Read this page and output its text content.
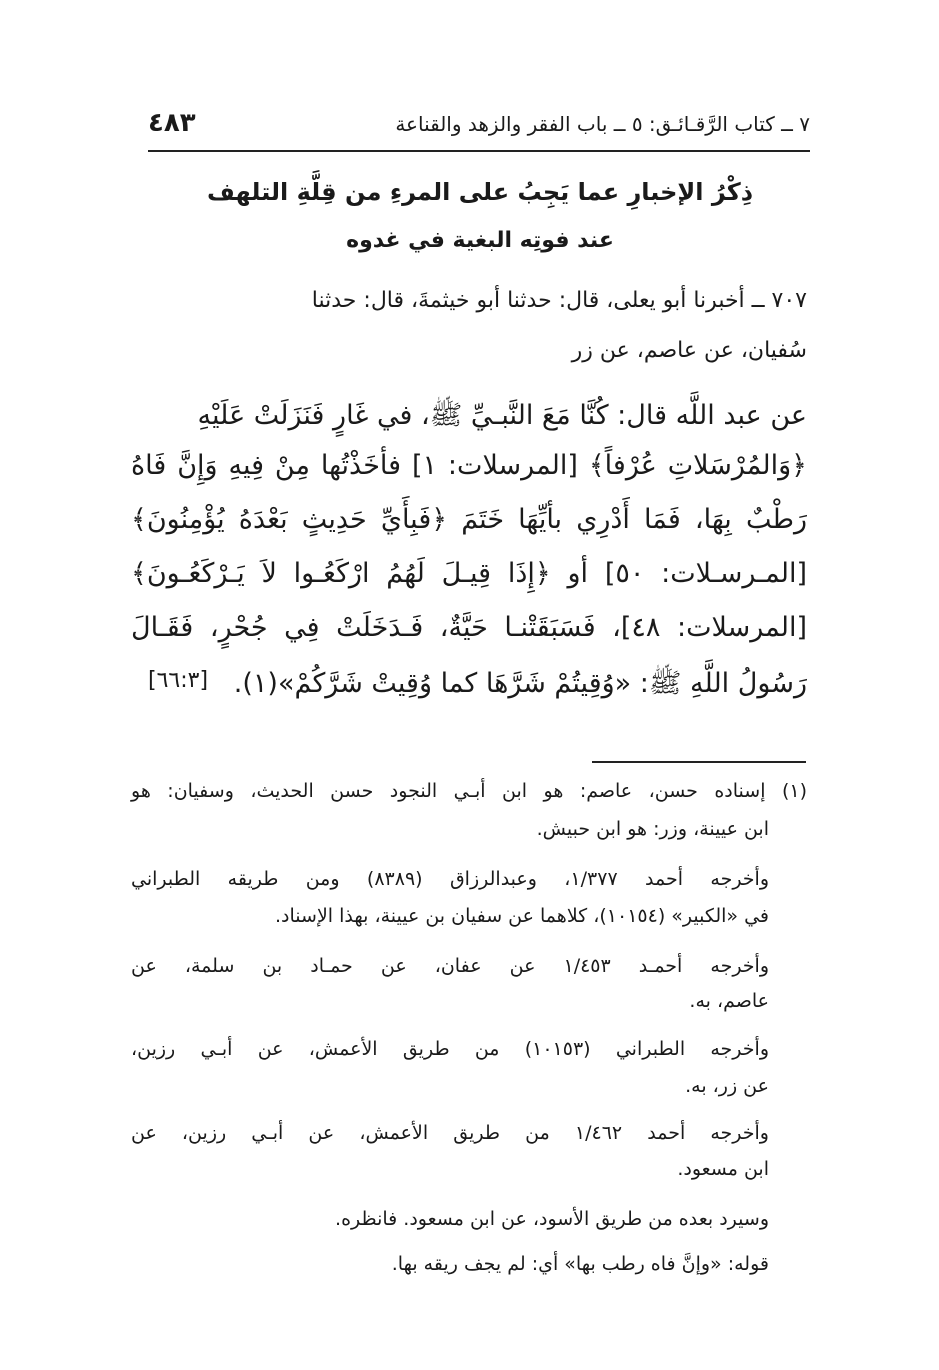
٧ ــ كتاب الرَّقـائـق: ٥ ــ باب الفقر والزهد والقناعة
٤٨٣
ذِكْرُ الإخبارِ عما يَجِبُ على المرءِ من قِلَّةِ التلهف
عند فوتِه البغية في غدوه
٧٠٧ ــ أخبرنا أبو يعلى، قال: حدثنا أبو خيثمةَ، قال: حدثنا
سُفيان، عن عاصم، عن زر
عن عبد اللَّه قال: كُنَّا مَعَ النَّبـيِّ ﷺ، في غَارٍ فَنَزَلَتْ عَلَيْهِ
﴿وَالمُرْسَلاتِ عُرْفاً﴾ [المرسلات: ١] فأخَذْتُها مِنْ فِيهِ وَإِنَّ فَاهُ
رَطْبٌ بِهَا، فَمَا أَدْرِي بأيِّهَا خَتَمَ ﴿فَبِأَيِّ حَدِيثٍ بَعْدَهُ يُؤْمِنُونَ﴾
[المـرسـلات: ٥٠] أو ﴿إِذَا قِيـلَ لَهُمُ ارْكَعُـوا لاَ يَـرْكَعُـونَ﴾
[المرسلات: ٤٨]، فَسَبَقَتْنـا حَيَّةٌ، فَـدَخَلَتْ فِي جُحْرٍ، فَقَـالَ
رَسُولُ اللَّهِ ﷺ: «وُقِيتُمْ شَرَّهَا كما وُقِيتْ شَرَّكُمْ»(١).
[٦٦:٣]
(١) إسناده حسن، عاصم: هو ابن أبـي النجود حسن الحديث، وسفيان: هو
ابن عيينة، وزر: هو ابن حبيش.
وأخرجه أحمد ١/٣٧٧، وعبدالرزاق (٨٣٨٩) ومن طريقه الطبراني
في «الكبير» (١٠١٥٤)، كلاهما عن سفيان بن عيينة، بهذا الإسناد.
وأخرجه أحمـد ١/٤٥٣ عن عفان، عن حمـاد بن سلمة، عن
عاصم، به.
وأخرجه الطبراني (١٠١٥٣) من طريق الأعمش، عن أبـي رزين،
عن زر، به.
وأخرجه أحمد ١/٤٦٢ من طريق الأعمش، عن أبـي رزين، عن
ابن مسعود.
وسيرد بعده من طريق الأسود، عن ابن مسعود. فانظره.
قوله: «وإنَّ فاه رطب بها» أي: لم يجف ريقه بها.
